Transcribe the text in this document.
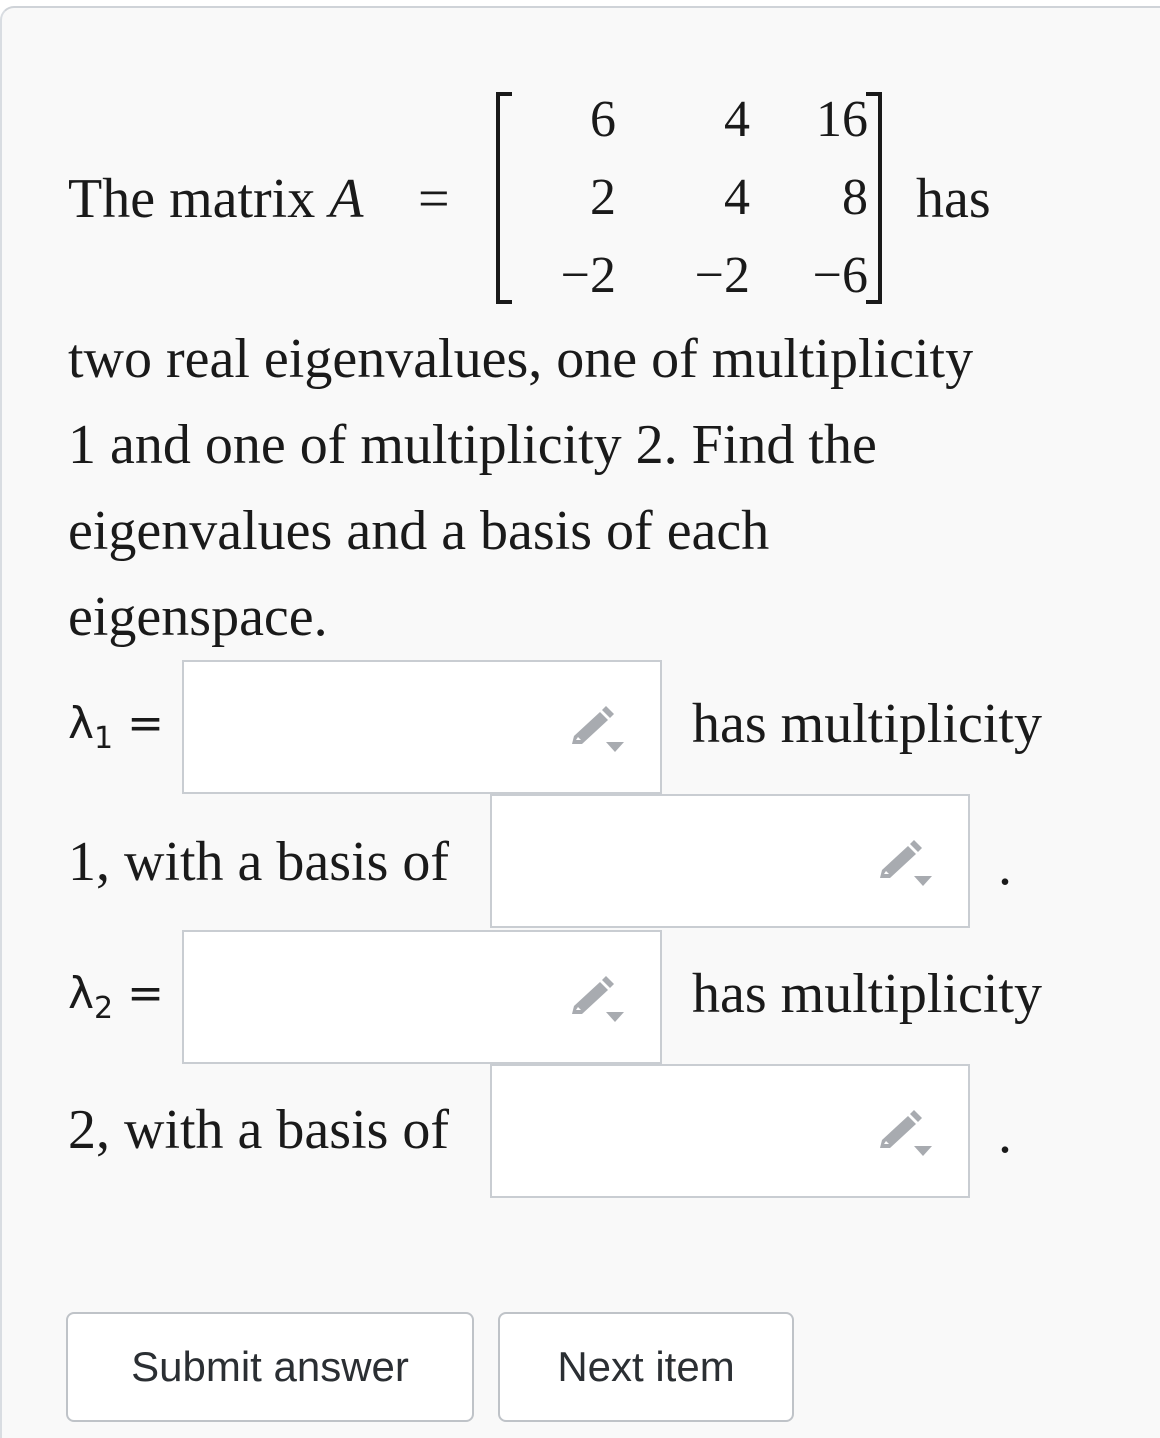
The matrix A =
6	4	16
2	4	8
−2	−2	−6
has

two real eigenvalues, one of multiplicity

1 and one of multiplicity 2. Find the

eigenvalues and a basis of each

eigenspace.

$\lambda_1$ =	has multiplicity
1, with a basis of	.
$\lambda_2$ =	has multiplicity
2, with a basis of	.
Submit answer	Next item
